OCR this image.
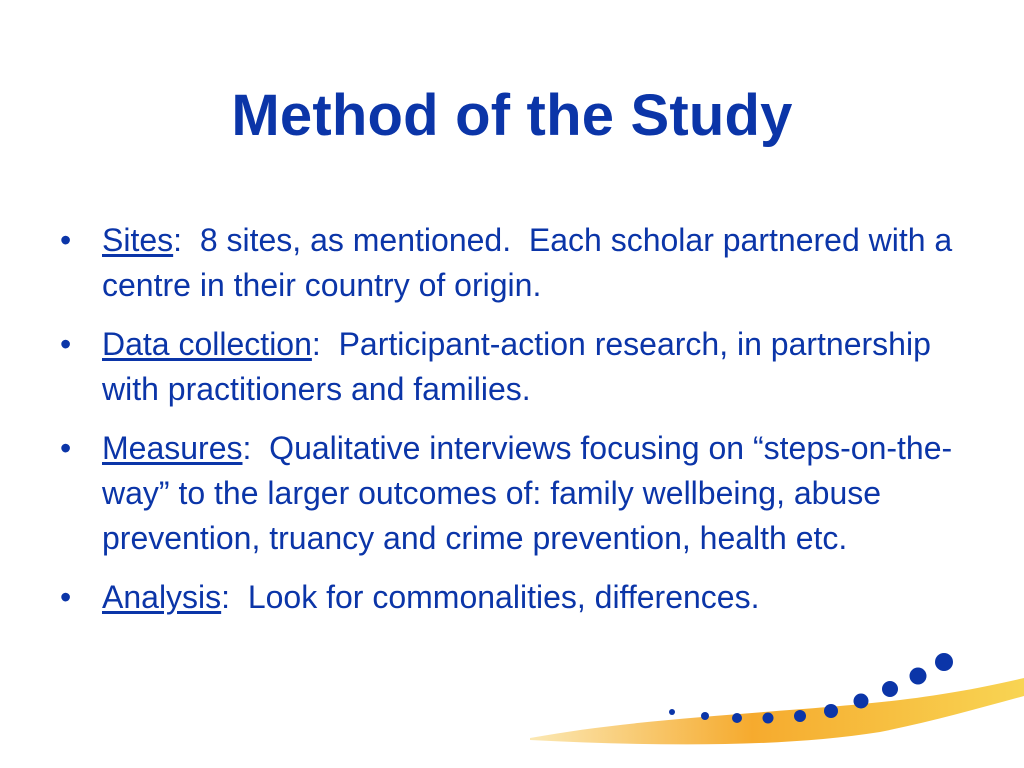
Method of the Study
• Sites:  8 sites, as mentioned.  Each scholar partnered with a centre in their country of origin.
• Data collection:  Participant-action research, in partnership with practitioners and families.
• Measures:  Qualitative interviews focusing on “steps-on-the-way” to the larger outcomes of: family wellbeing, abuse prevention, truancy and crime prevention, health etc.
• Analysis:  Look for commonalities, differences.
